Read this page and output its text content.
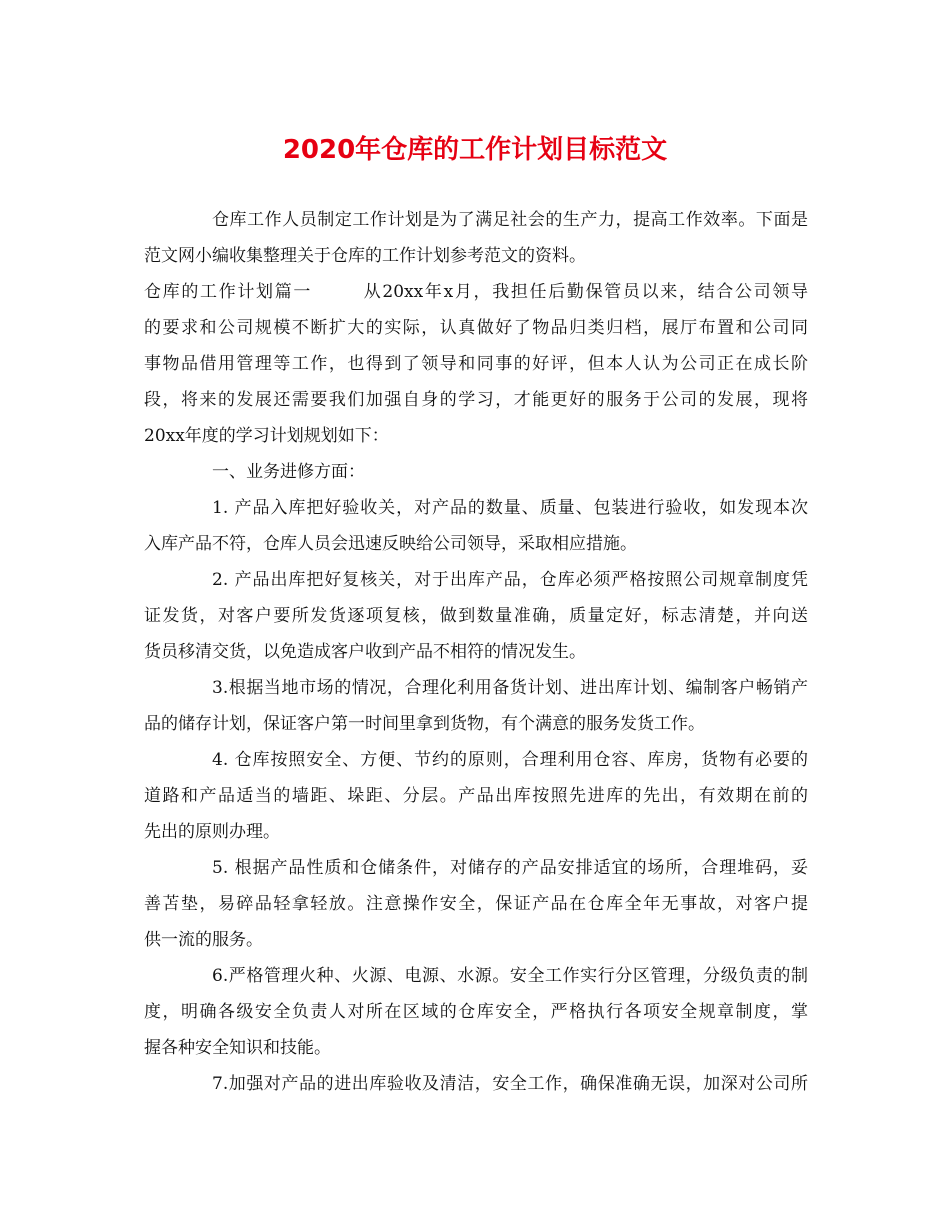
2020年仓库的工作计划目标范文
仓库工作人员制定工作计划是为了满足社会的生产力，提高工作效率。下面是
范文网小编收集整理关于仓库的工作计划参考范文的资料。
仓库的工作计划篇一	从20xx年x月，我担任后勤保管员以来，结合公司领导
的要求和公司规模不断扩大的实际，认真做好了物品归类归档，展厅布置和公司同
事物品借用管理等工作，也得到了领导和同事的好评，但本人认为公司正在成长阶
段，将来的发展还需要我们加强自身的学习，才能更好的服务于公司的发展，现将
20xx年度的学习计划规划如下：
一、业务进修方面：
1. 产品入库把好验收关，对产品的数量、质量、包装进行验收，如发现本次
入库产品不符，仓库人员会迅速反映给公司领导，采取相应措施。
2. 产品出库把好复核关，对于出库产品，仓库必须严格按照公司规章制度凭
证发货，对客户要所发货逐项复核，做到数量准确，质量定好，标志清楚，并向送
货员移清交货，以免造成客户收到产品不相符的情况发生。
3.根据当地市场的情况，合理化利用备货计划、进出库计划、编制客户畅销产
品的储存计划，保证客户第一时间里拿到货物，有个满意的服务发货工作。
4. 仓库按照安全、方便、节约的原则，合理利用仓容、库房，货物有必要的
道路和产品适当的墙距、垛距、分层。产品出库按照先进库的先出，有效期在前的
先出的原则办理。
5. 根据产品性质和仓储条件，对储存的产品安排适宜的场所，合理堆码，妥
善苫垫，易碎品轻拿轻放。注意操作安全，保证产品在仓库全年无事故，对客户提
供一流的服务。
6.严格管理火种、火源、电源、水源。安全工作实行分区管理，分级负责的制
度，明确各级安全负责人对所在区域的仓库安全，严格执行各项安全规章制度，掌
握各种安全知识和技能。
7.加强对产品的进出库验收及清洁，安全工作，确保准确无误，加深对公司所
